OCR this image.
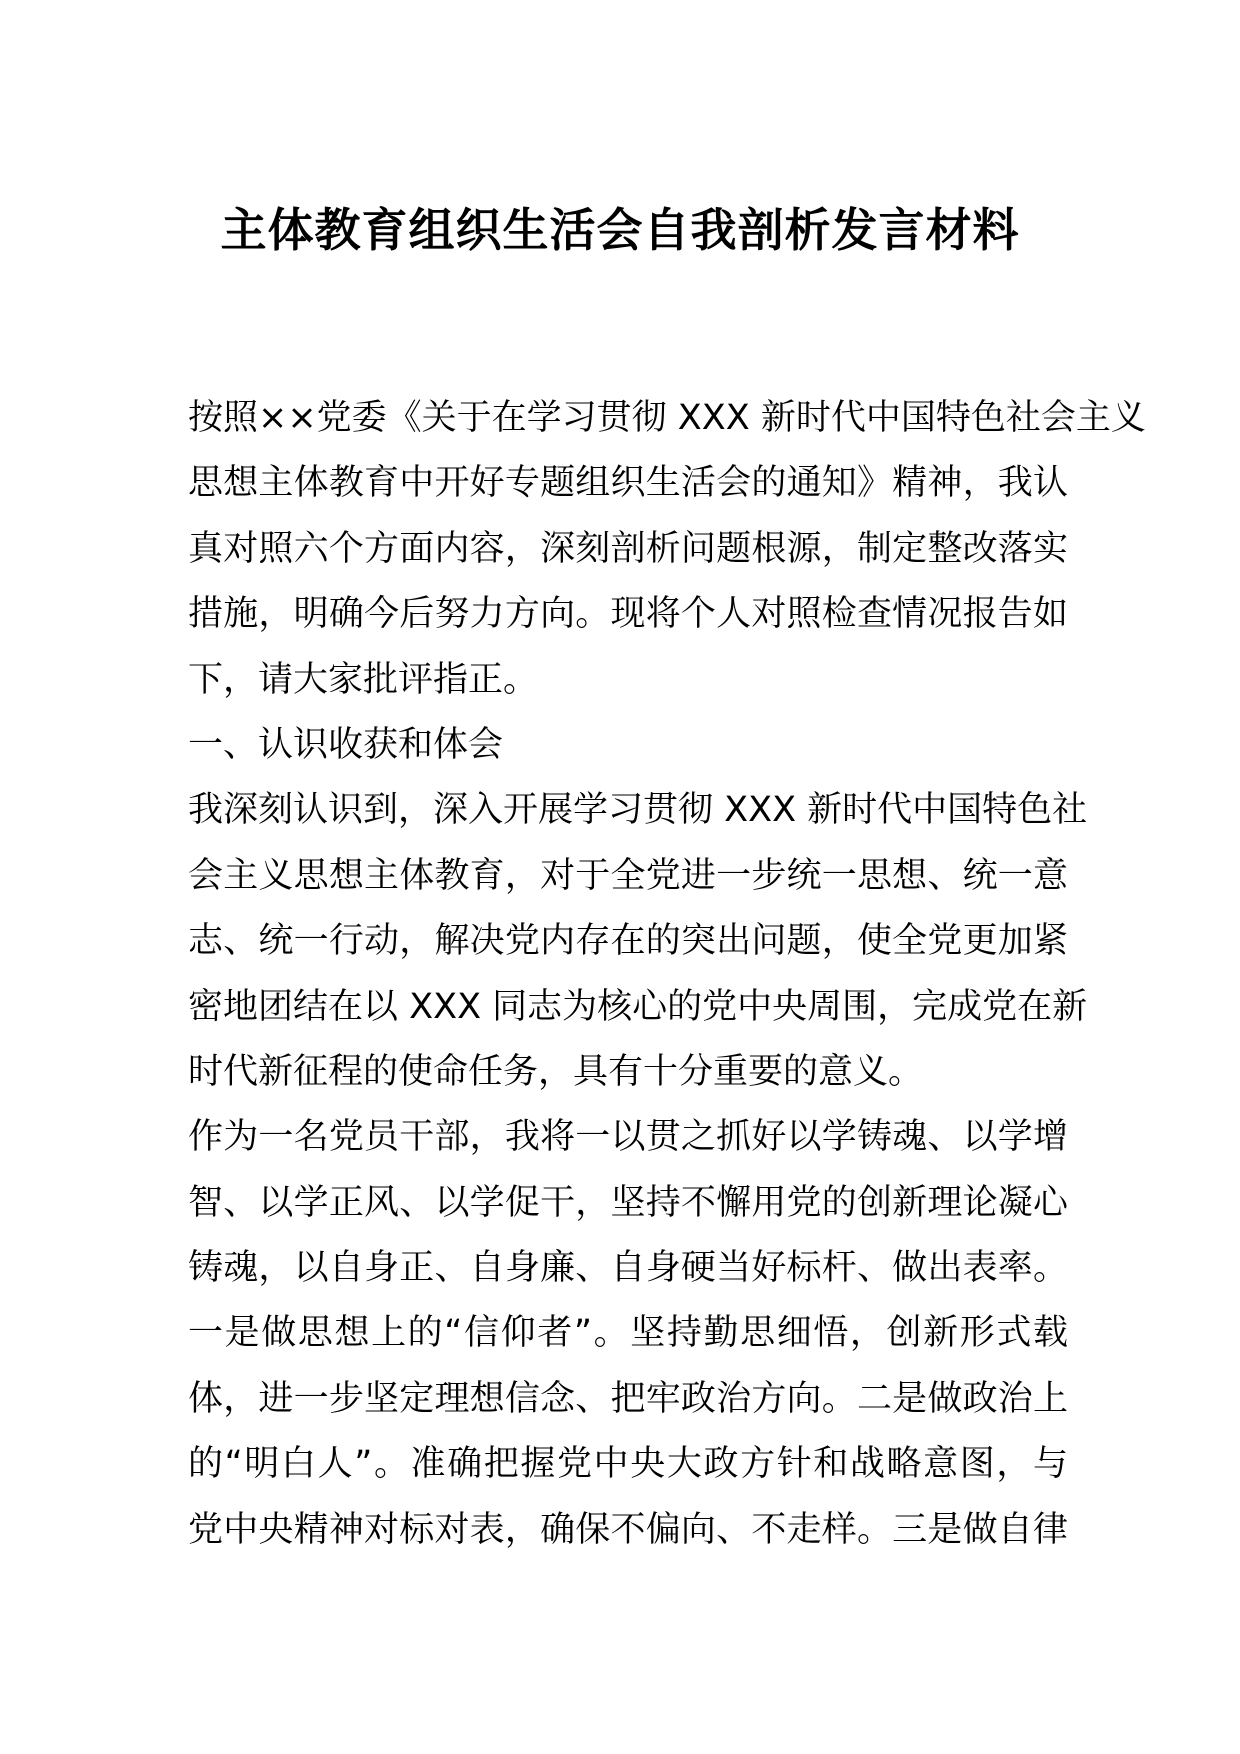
主体教育组织生活会自我剖析发言材料
按照××党委《关于在学习贯彻 XXX 新时代中国特色社会主义
思想主体教育中开好专题组织生活会的通知》精神，我认
真对照六个方面内容，深刻剖析问题根源，制定整改落实
措施，明确今后努力方向。现将个人对照检查情况报告如
下，请大家批评指正。
一、认识收获和体会
我深刻认识到，深入开展学习贯彻 XXX 新时代中国特色社
会主义思想主体教育，对于全党进一步统一思想、统一意
志、统一行动，解决党内存在的突出问题，使全党更加紧
密地团结在以 XXX 同志为核心的党中央周围，完成党在新
时代新征程的使命任务，具有十分重要的意义。
作为一名党员干部，我将一以贯之抓好以学铸魂、以学增
智、以学正风、以学促干，坚持不懈用党的创新理论凝心
铸魂，以自身正、自身廉、自身硬当好标杆、做出表率。
一是做思想上的“信仰者”。坚持勤思细悟，创新形式载
体，进一步坚定理想信念、把牢政治方向。二是做政治上
的“明白人”。准确把握党中央大政方针和战略意图，与
党中央精神对标对表，确保不偏向、不走样。三是做自律
